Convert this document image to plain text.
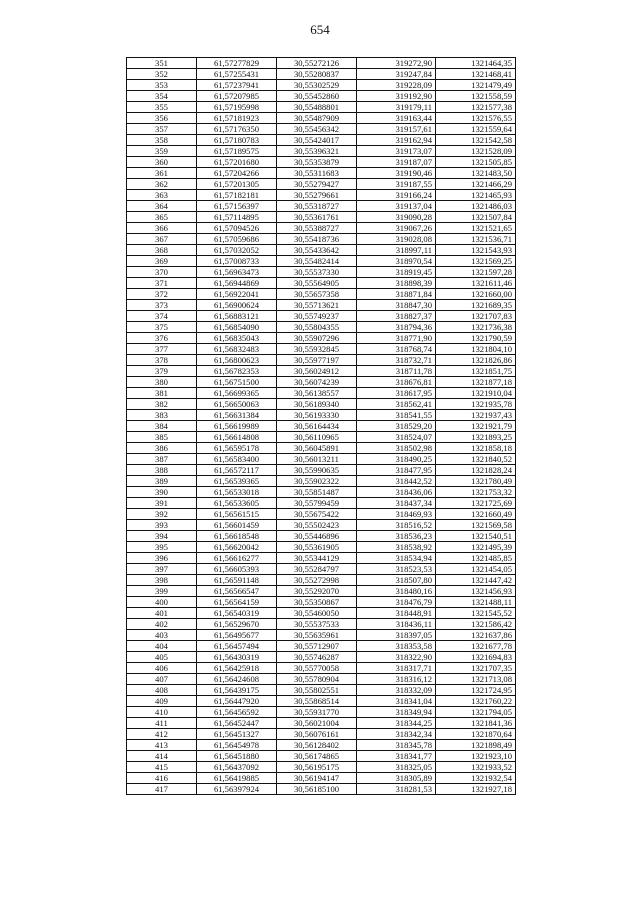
654
351	61,57277829	30,55272126	319272,90	1321464,35
352	61,57255431	30,55280837	319247,84	1321468,41
353	61,57237941	30,55302529	319228,09	1321479,49
354	61,57207985	30,55452860	319192,90	1321558,59
355	61,57195998	30,55488801	319179,11	1321577,38
356	61,57181923	30,55487909	319163,44	1321576,55
357	61,57176350	30,55456342	319157,61	1321559,64
358	61,57180783	30,55424017	319162,94	1321542,58
359	61,57189575	30,55396321	319173,07	1321528,09
360	61,57201680	30,55353879	319187,07	1321505,85
361	61,57204266	30,55311683	319190,46	1321483,50
362	61,57201305	30,55279427	319187,55	1321466,29
363	61,57182181	30,55279661	319166,24	1321465,93
364	61,57156397	30,55318727	319137,04	1321486,03
365	61,57114895	30,55361761	319090,28	1321507,84
366	61,57094526	30,55388727	319067,26	1321521,65
367	61,57059686	30,55418736	319028,08	1321536,71
368	61,57032052	30,55433642	318997,11	1321543,93
369	61,57008733	30,55482414	318970,54	1321569,25
370	61,56963473	30,55537330	318919,45	1321597,28
371	61,56944869	30,55564905	318898,39	1321611,46
372	61,56922041	30,55657358	318871,84	1321660,00
373	61,56900624	30,55713621	318847,30	1321689,35
374	61,56883121	30,55749237	318827,37	1321707,83
375	61,56854090	30,55804355	318794,36	1321736,38
376	61,56835043	30,55907296	318771,90	1321790,59
377	61,56832483	30,55932845	318768,74	1321804,10
378	61,56800623	30,55977197	318732,71	1321826,86
379	61,56782353	30,56024912	318711,78	1321851,75
380	61,56751500	30,56074239	318676,81	1321877,18
381	61,56699365	30,56138557	318617,95	1321910,04
382	61,56650063	30,56189340	318562,41	1321935,78
383	61,56631384	30,56193330	318541,55	1321937,43
384	61,56619989	30,56164434	318529,20	1321921,79
385	61,56614808	30,56110965	318524,07	1321893,25
386	61,56595178	30,56045891	318502,98	1321858,18
387	61,56583400	30,56013211	318490,25	1321840,52
388	61,56572117	30,55990635	318477,95	1321828,24
389	61,56539365	30,55902322	318442,52	1321780,49
390	61,56533018	30,55851487	318436,06	1321753,32
391	61,56533605	30,55799459	318437,34	1321725,69
392	61,56561515	30,55675422	318469,93	1321660,49
393	61,56601459	30,55502423	318516,52	1321569,58
394	61,56618548	30,55446896	318536,23	1321540,51
395	61,56620042	30,55361905	318538,92	1321495,39
396	61,56616277	30,55344129	318534,94	1321485,85
397	61,56605393	30,55284797	318523,53	1321454,05
398	61,56591148	30,55272998	318507,80	1321447,42
399	61,56566547	30,55292070	318480,16	1321456,93
400	61,56564159	30,55350867	318476,79	1321488,11
401	61,56540319	30,55460050	318448,91	1321545,52
402	61,56529670	30,55537533	318436,11	1321586,42
403	61,56495677	30,55635961	318397,05	1321637,86
404	61,56457494	30,55712907	318353,58	1321677,78
405	61,56430319	30,55746287	318322,90	1321694,83
406	61,56425918	30,55770058	318317,71	1321707,35
407	61,56424608	30,55780904	318316,12	1321713,08
408	61,56439175	30,55802551	318332,09	1321724,95
409	61,56447920	30,55868514	318341,04	1321760,22
410	61,56456592	30,55931770	318349,94	1321794,05
411	61,56452447	30,56021004	318344,25	1321841,36
412	61,56451327	30,56076161	318342,34	1321870,64
413	61,56454978	30,56128402	318345,78	1321898,49
414	61,56451880	30,56174865	318341,77	1321923,10
415	61,56437092	30,56195175	318325,05	1321933,52
416	61,56419885	30,56194147	318305,89	1321932,54
417	61,56397924	30,56185100	318281,53	1321927,18
